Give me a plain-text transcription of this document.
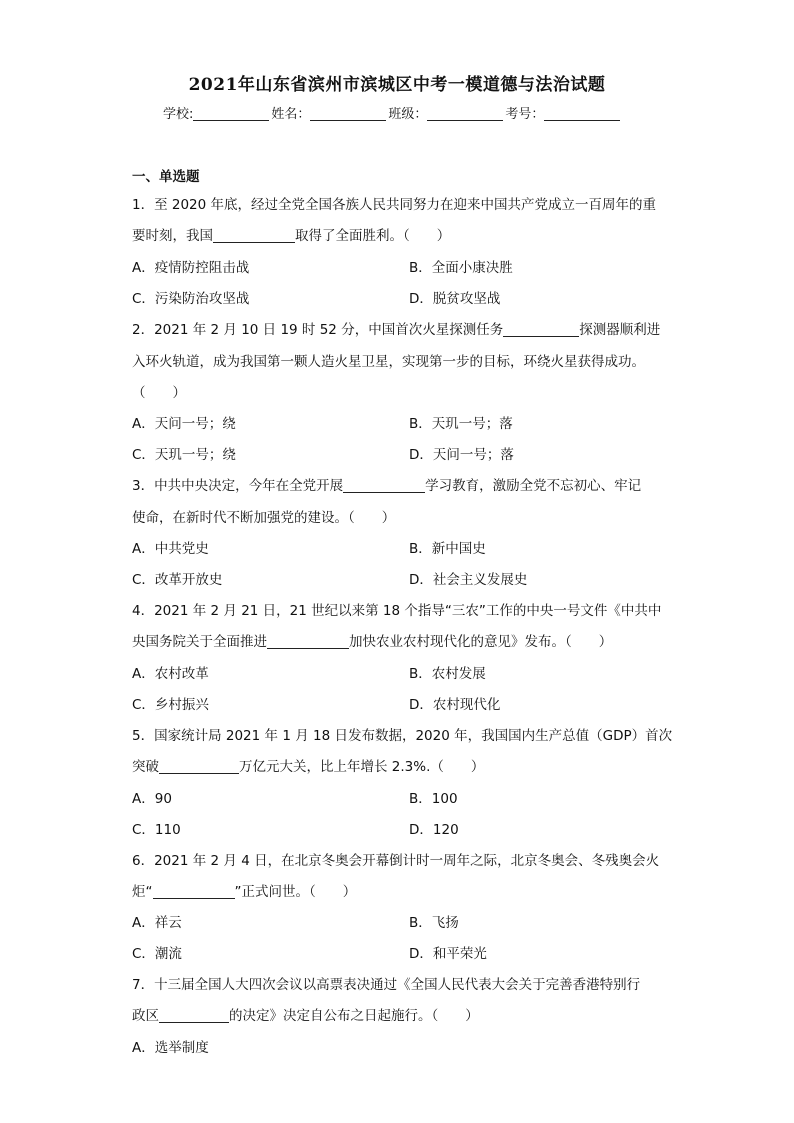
2021年山东省滨州市滨城区中考一模道德与法治试题
学校:	姓名：	班级：	考号：
一、单选题
1．至 2020 年底，经过全党全国各族人民共同努力在迎来中国共产党成立一百周年的重
要时刻，我国	取得了全面胜利。（　　）
A．疫情防控阻击战	B．全面小康决胜
C．污染防治攻坚战	D．脱贫攻坚战
2．2021 年 2 月 10 日 19 时 52 分，中国首次火星探测任务	探测器顺利进
入环火轨道，成为我国第一颗人造火星卫星，实现第一步的目标，环绕火星获得成功。
（　　）
A．天问一号；绕	B．天玑一号；落
C．天玑一号；绕	D．天问一号；落
3．中共中央决定，今年在全党开展	学习教育，激励全党不忘初心、牢记
使命，在新时代不断加强党的建设。（　　）
A．中共党史	B．新中国史
C．改革开放史	D．社会主义发展史
4．2021 年 2 月 21 日，21 世纪以来第 18 个指导“三农”工作的中央一号文件《中共中
央国务院关于全面推进	加快农业农村现代化的意见》发布。（　　）
A．农村改革	B．农村发展
C．乡村振兴	D．农村现代化
5．国家统计局 2021 年 1 月 18 日发布数据，2020 年，我国国内生产总值（GDP）首次
突破	万亿元大关，比上年增长 2.3%.（　　）
A．90	B．100
C．110	D．120
6．2021 年 2 月 4 日，在北京冬奥会开幕倒计时一周年之际，北京冬奥会、冬残奥会火
炬“	”正式问世。（　　）
A．祥云	B．飞扬
C．潮流	D．和平荣光
7．十三届全国人大四次会议以高票表决通过《全国人民代表大会关于完善香港特别行
政区	的决定》决定自公布之日起施行。（　　）
A．选举制度
